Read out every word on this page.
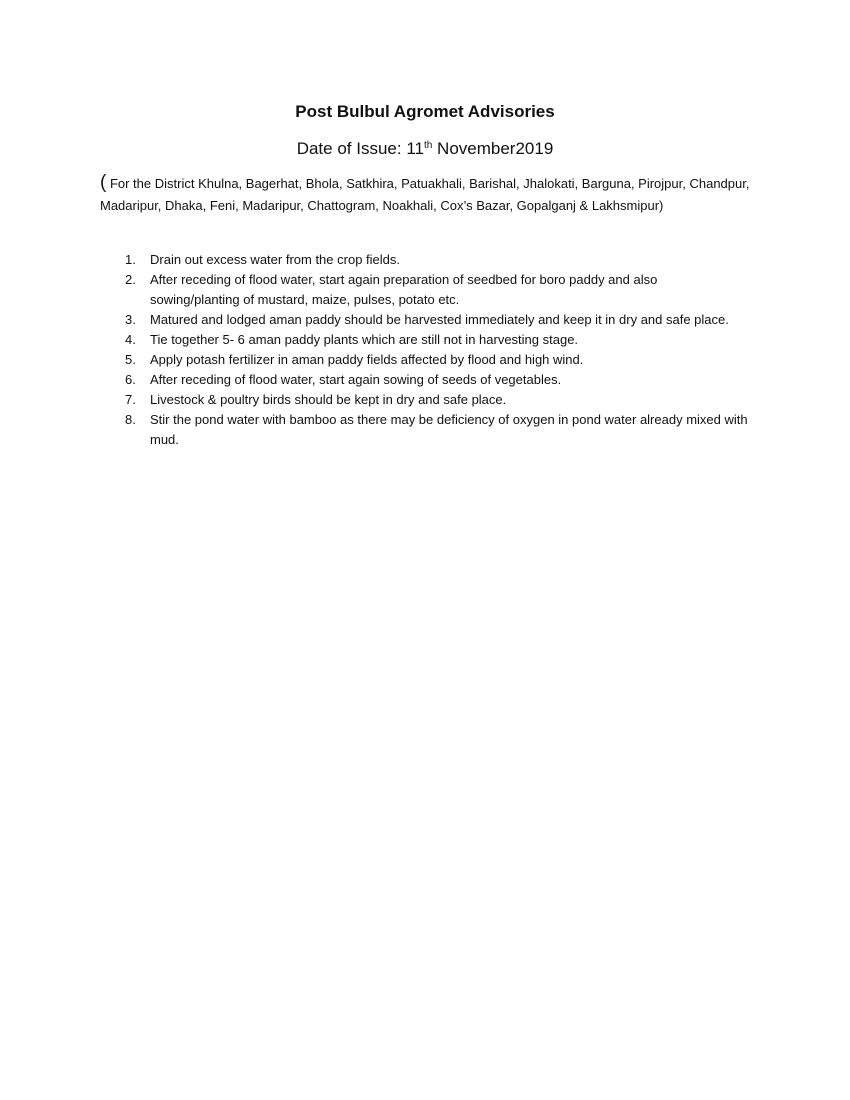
Post Bulbul Agromet Advisories
Date of Issue: 11th November2019
( For the District Khulna, Bagerhat, Bhola, Satkhira, Patuakhali, Barishal, Jhalokati, Barguna, Pirojpur, Chandpur, Madaripur, Dhaka, Feni, Madaripur, Chattogram, Noakhali, Cox’s Bazar, Gopalganj & Lakhsmipur)
1. Drain out excess water from the crop fields.
2. After receding of flood water, start again preparation of seedbed for boro paddy and also sowing/planting of mustard, maize, pulses, potato etc.
3. Matured and lodged aman paddy should be harvested immediately and keep it in dry and safe place.
4. Tie together 5- 6 aman paddy plants which are still not in harvesting stage.
5. Apply potash fertilizer in aman paddy fields affected by flood and high wind.
6. After receding of flood water, start again sowing of seeds of vegetables.
7. Livestock & poultry birds should be kept in dry and safe place.
8. Stir the pond water with bamboo as there may be deficiency of oxygen in pond water already mixed with mud.
